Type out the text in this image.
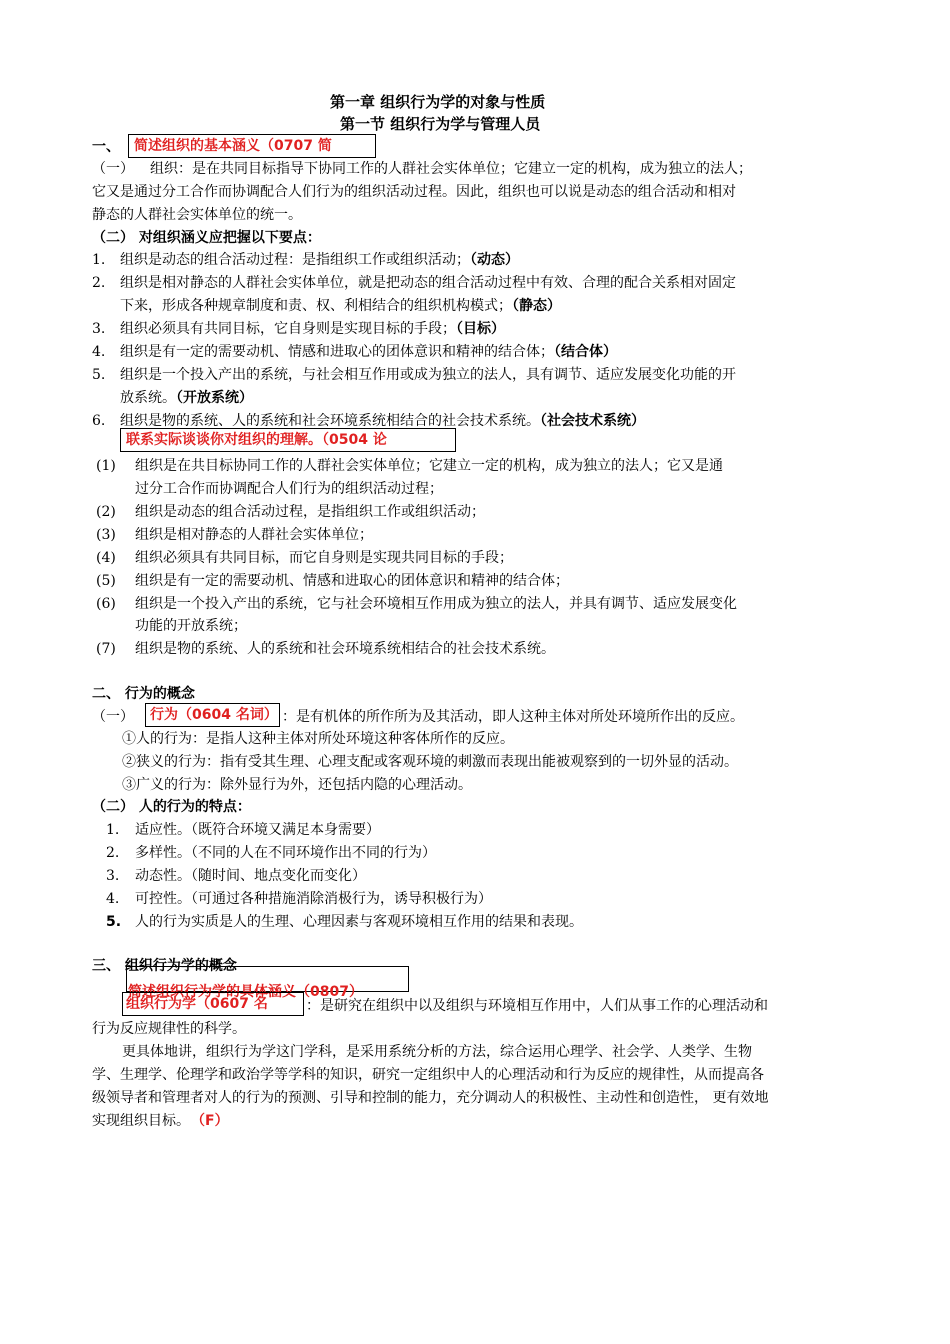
第一章 组织行为学的对象与性质
第一节 组织行为学与管理人员
一、 简述组织的基本涵义（0707 简
（一） 组织：是在共同目标指导下协同工作的人群社会实体单位；它建立一定的机构，成为独立的法人；
它又是通过分工合作而协调配合人们行为的组织活动过程。因此，组织也可以说是动态的组合活动和相对
静态的人群社会实体单位的统一。
（二） 对组织涵义应把握以下要点：
1. 组织是动态的组合活动过程：是指组织工作或组织活动；（动态）
2. 组织是相对静态的人群社会实体单位，就是把动态的组合活动过程中有效、合理的配合关系相对固定
下来，形成各种规章制度和责、权、利相结合的组织机构模式；（静态）
3. 组织必须具有共同目标，它自身则是实现目标的手段；（目标）
4. 组织是有一定的需要动机、情感和进取心的团体意识和精神的结合体；（结合体）
5. 组织是一个投入产出的系统，与社会相互作用或成为独立的法人，具有调节、适应发展变化功能的开
放系统。（开放系统）
6. 组织是物的系统、人的系统和社会环境系统相结合的社会技术系统。（社会技术系统）
联系实际谈谈你对组织的理解。（0504 论
(1) 组织是在共目标协同工作的人群社会实体单位；它建立一定的机构，成为独立的法人；它又是通
过分工合作而协调配合人们行为的组织活动过程；
(2) 组织是动态的组合活动过程，是指组织工作或组织活动；
(3) 组织是相对静态的人群社会实体单位；
(4) 组织必须具有共同目标，而它自身则是实现共同目标的手段；
(5) 组织是有一定的需要动机、情感和进取心的团体意识和精神的结合体；
(6) 组织是一个投入产出的系统，它与社会环境相互作用成为独立的法人，并具有调节、适应发展变化
功能的开放系统；
(7) 组织是物的系统、人的系统和社会环境系统相结合的社会技术系统。
二、 行为的概念
（一） 行为（0604 名词） ：是有机体的所作所为及其活动，即人这种主体对所处环境所作出的反应。
①人的行为：是指人这种主体对所处环境这种客体所作的反应。
②狭义的行为：指有受其生理、心理支配或客观环境的刺激而表现出能被观察到的一切外显的活动。
③广义的行为：除外显行为外，还包括内隐的心理活动。
（二） 人的行为的特点：
1. 适应性。（既符合环境又满足本身需要）
2. 多样性。（不同的人在不同环境作出不同的行为）
3. 动态性。（随时间、地点变化而变化）
4. 可控性。（可通过各种措施消除消极行为，诱导积极行为）
5. 人的行为实质是人的生理、心理因素与客观环境相互作用的结果和表现。
三、 组织行为学的概念
简述组织行为学的具体涵义（0807）
组织行为学（0607 名	：是研究在组织中以及组织与环境相互作用中，人们从事工作的心理活动和
行为反应规律性的科学。
更具体地讲，组织行为学这门学科，是采用系统分析的方法，综合运用心理学、社会学、人类学、生物
学、生理学、伦理学和政治学等学科的知识，研究一定组织中人的心理活动和行为反应的规律性，从而提高各
级领导者和管理者对人的行为的预测、引导和控制的能力，充分调动人的积极性、主动性和创造性， 更有效地
实现组织目标。 （F）
